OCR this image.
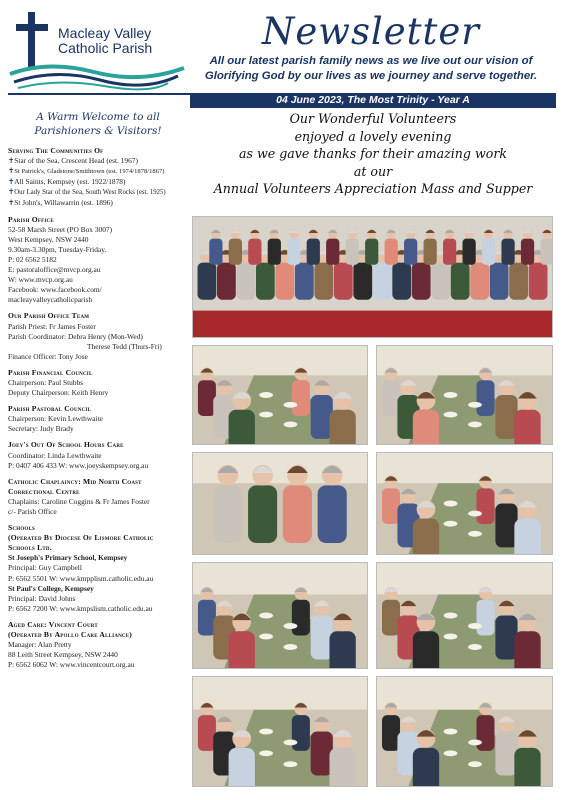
Macleay Valley
Catholic Parish	Newsletter
All our latest parish family news as we live out our vision of
Glorifying God by our lives as we journey and serve together.
04 June 2023, The Most Trinity - Year A
A Warm Welcome to all
Parishioners & Visitors!
Serving The Communities Of
✝Star of the Sea, Crescent Head (est. 1967)
✝St Patrick's, Gladstone/Smithtown (est. 1974/1878/1867)
✝All Saints, Kempsey (est. 1922/1878)
✝Our Lady Star of the Sea, South West Rocks (est. 1925)
✝St John's, Willawarrin (est. 1896)
Parish Office
52-58 Marsh Street (PO Box 3007)
West Kempsey, NSW 2440
9.30am-3.30pm, Tuesday-Friday.
P: 02 6562 5182
E: pastoraloffice@mvcp.org.au
W: www.mvcp.org.au
Facebook: www.facebook.com/
macleayvalleycatholicparish
Our Parish Office Team
Parish Priest: Fr James Foster
Parish Coordinator: Debra Henry (Mon-Wed)
Therese Tedd (Thurs-Fri)
Finance Officer: Tony Jose
Parish Financial Council
Chairperson: Paul Stubbs
Deputy Chairperson: Keith Henry
Parish Pastoral Council
Chairperson: Kevin Lewthwaite
Secretary: Judy Brady
Joey's Out Of School Hours Care
Coordinator: Linda Lewthwaite
P: 0407 406 433 W: www.joeyskempsey.org.au
Catholic Chaplaincy: Mid North Coast
Correctional Centre
Chaplains: Caroline Coggins & Fr James Foster
c/- Parish Office
Schools
(Operated By Diocese Of Lismore Catholic
Schools Ltd.
St Joseph's Primary School, Kempsey
Principal: Guy Campbell
P: 6562 5501 W: www.kmpplism.catholic.edu.au
St Paul's College, Kempsey
Principal: David Johns
P: 6562 7200 W: www.kmpslism.catholic.edu.au
Aged Care: Vincent Court
(Operated By Apollo Care Alliance)
Manager: Alan Pretty
88 Leith Street Kempsey, NSW 2440
P: 6562 6062 W: www.vincentcourt.org.au
Our Wonderful Volunteers
enjoyed a lovely evening
as we gave thanks for their amazing work
at our
Annual Volunteers Appreciation Mass and Supper
